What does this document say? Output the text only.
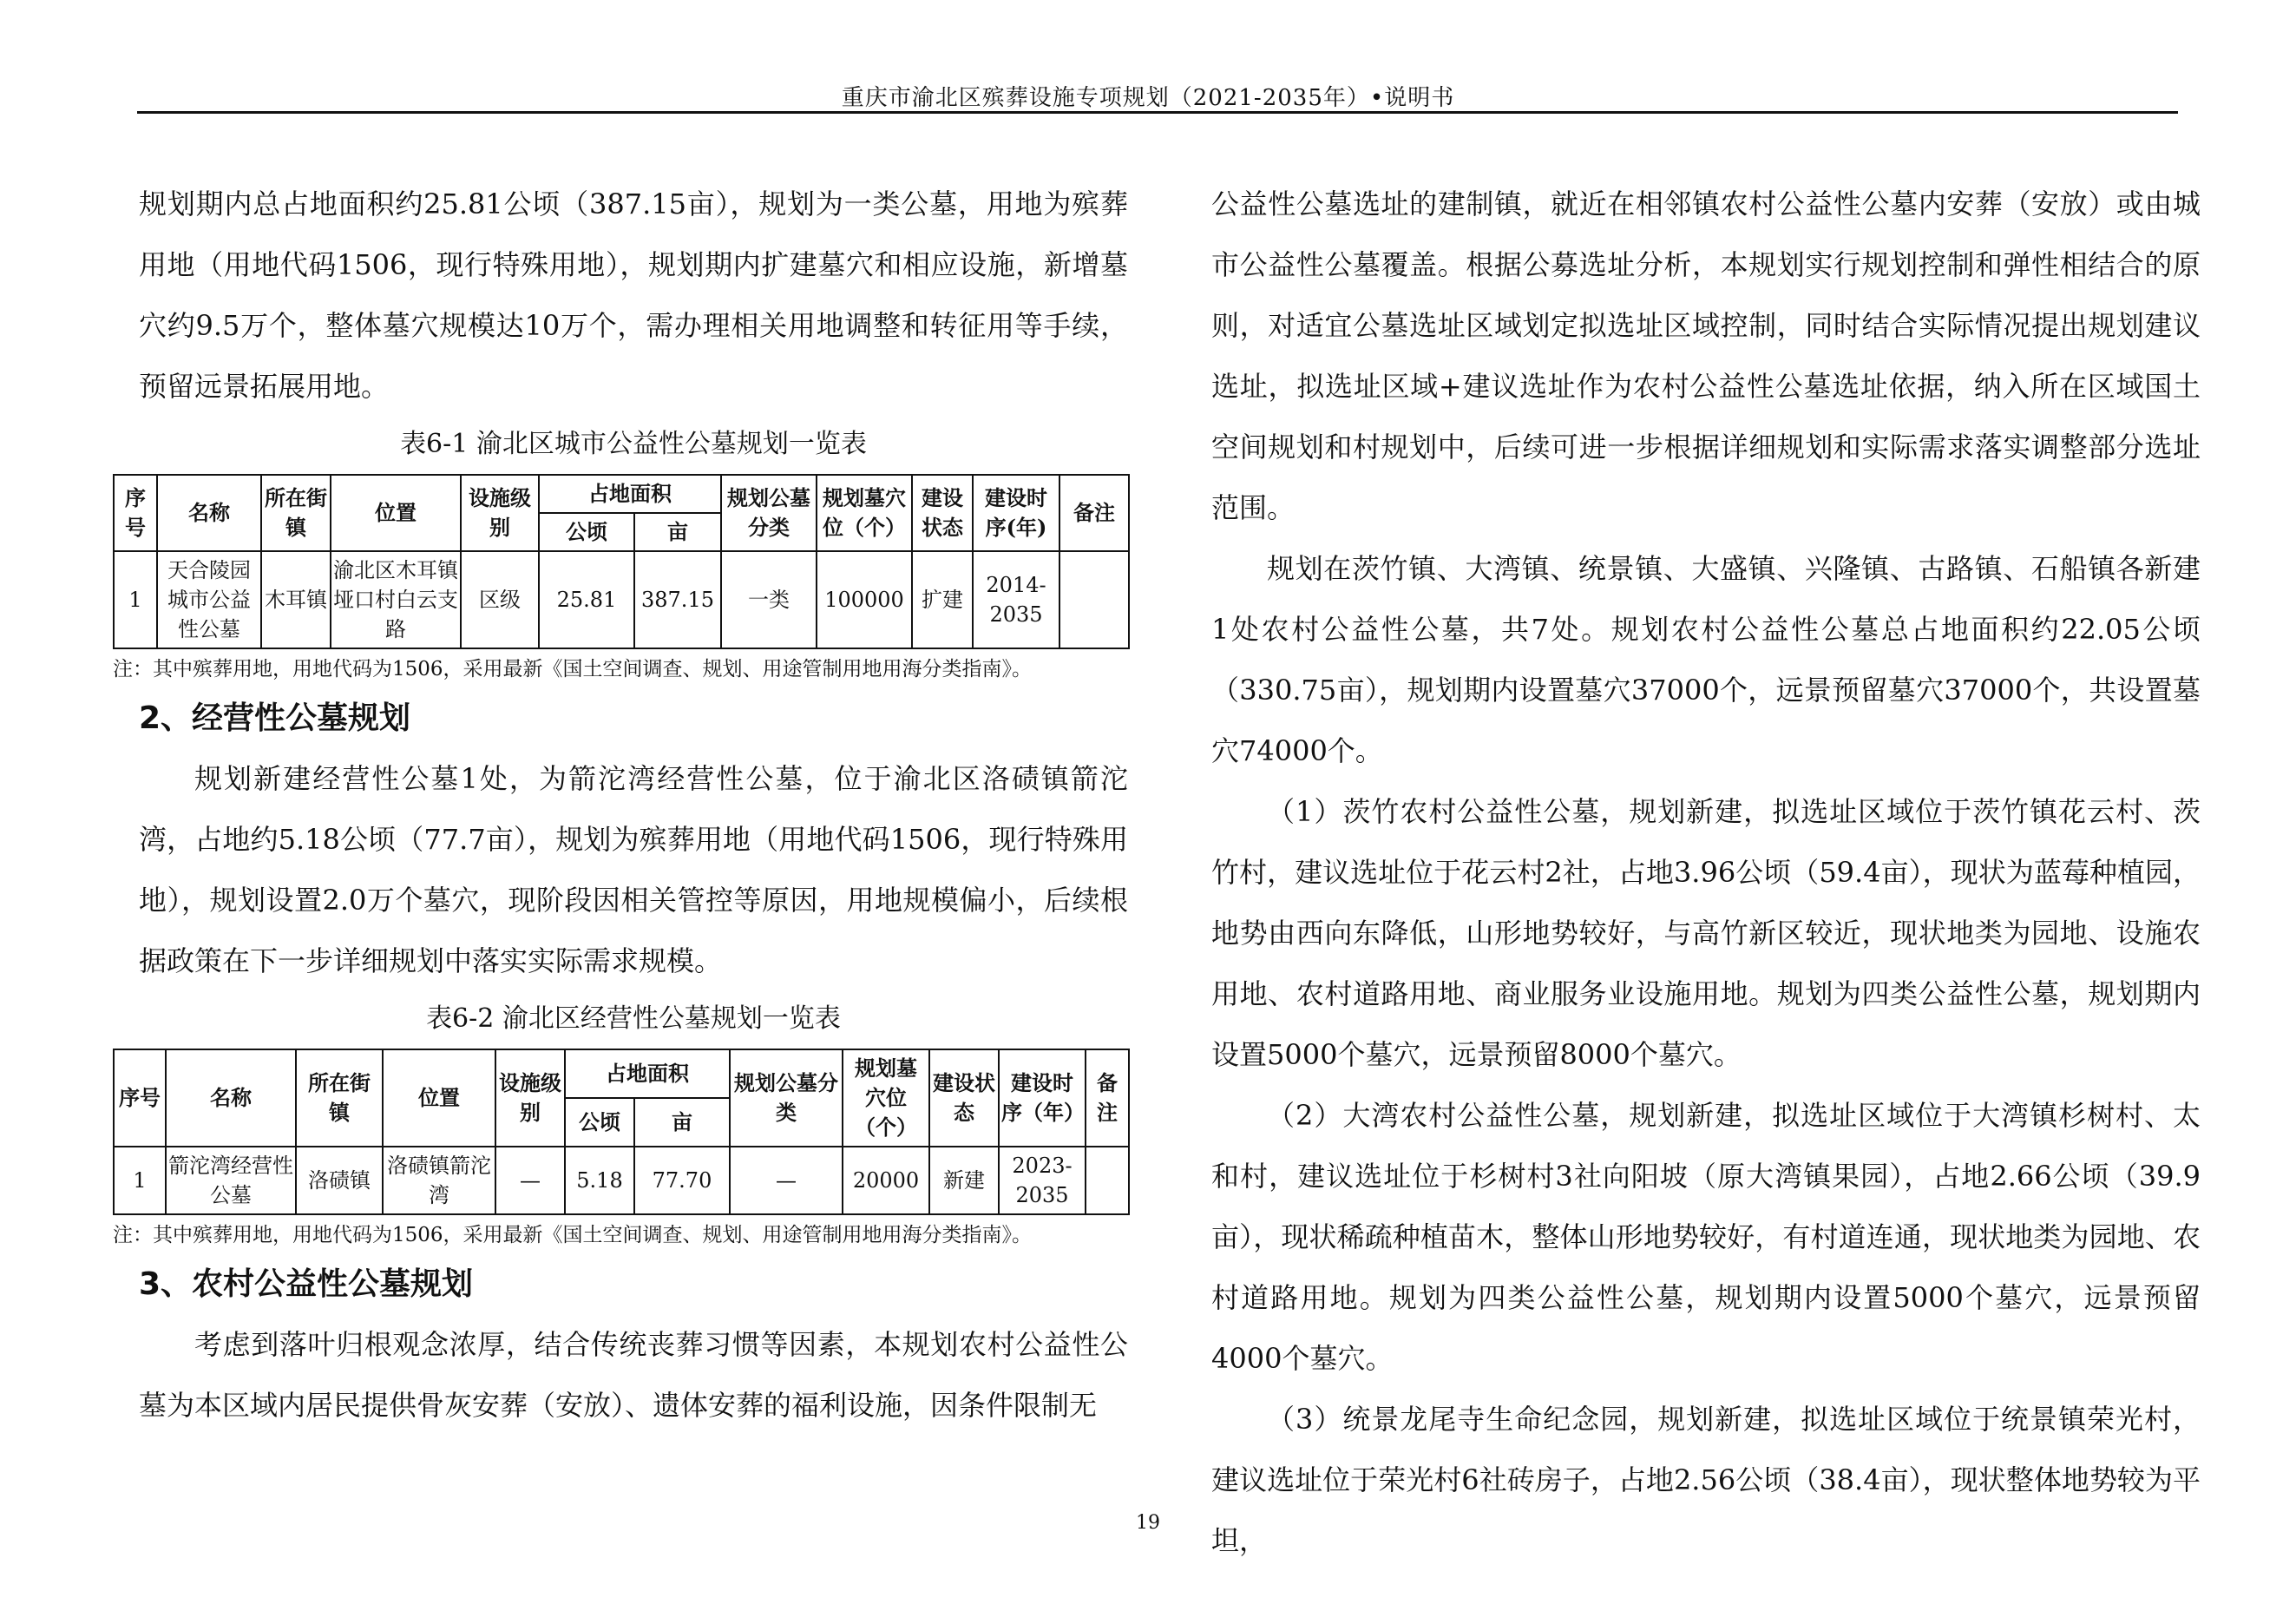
重庆市渝北区殡葬设施专项规划（2021-2035年）•说明书

规划期内总占地面积约25.81公顷（387.15亩），规划为一类公墓，用地为殡葬用地（用地代码1506，现行特殊用地），规划期内扩建墓穴和相应设施，新增墓穴约9.5万个，整体墓穴规模达10万个，需办理相关用地调整和转征用等手续，预留远景拓展用地。

表6-1 渝北区城市公益性公墓规划一览表
序号	名称	所在街镇	位置	设施级别	占地面积		规划公墓分类	规划墓穴位（个）	建设状态	建设时序(年)	备注
					公顷	亩					
1	天合陵园城市公益性公墓	木耳镇	渝北区木耳镇垭口村白云支路	区级	25.81	387.15	一类	100000	扩建	2014-2035	
注：其中殡葬用地，用地代码为1506，采用最新《国土空间调查、规划、用途管制用地用海分类指南》。
2、经营性公墓规划

规划新建经营性公墓1处，为箭沱湾经营性公墓，位于渝北区洛碛镇箭沱湾，占地约5.18公顷（77.7亩），规划为殡葬用地（用地代码1506，现行特殊用地），规划设置2.0万个墓穴，现阶段因相关管控等原因，用地规模偏小，后续根据政策在下一步详细规划中落实实际需求规模。

表6-2 渝北区经营性公墓规划一览表
序号	名称	所在街镇	位置	设施级别	占地面积		规划公墓分类	规划墓穴位（个）	建设状态	建设时序（年）	备注
					公顷	亩					
1	箭沱湾经营性公墓	洛碛镇	洛碛镇箭沱湾	—	5.18	77.70	—	20000	新建	2023-2035	
注：其中殡葬用地，用地代码为1506，采用最新《国土空间调查、规划、用途管制用地用海分类指南》。
3、农村公益性公墓规划

考虑到落叶归根观念浓厚，结合传统丧葬习惯等因素，本规划农村公益性公墓为本区域内居民提供骨灰安葬（安放）、遗体安葬的福利设施，因条件限制无

公益性公墓选址的建制镇，就近在相邻镇农村公益性公墓内安葬（安放）或由城市公益性公墓覆盖。根据公募选址分析，本规划实行规划控制和弹性相结合的原则，对适宜公墓选址区域划定拟选址区域控制，同时结合实际情况提出规划建议选址，拟选址区域+建议选址作为农村公益性公墓选址依据，纳入所在区域国土空间规划和村规划中，后续可进一步根据详细规划和实际需求落实调整部分选址范围。

规划在茨竹镇、大湾镇、统景镇、大盛镇、兴隆镇、古路镇、石船镇各新建1处农村公益性公墓，共7处。规划农村公益性公墓总占地面积约22.05公顷（330.75亩），规划期内设置墓穴37000个，远景预留墓穴37000个，共设置墓穴74000个。

（1）茨竹农村公益性公墓，规划新建，拟选址区域位于茨竹镇花云村、茨竹村，建议选址位于花云村2社，占地3.96公顷（59.4亩），现状为蓝莓种植园，地势由西向东降低，山形地势较好，与高竹新区较近，现状地类为园地、设施农用地、农村道路用地、商业服务业设施用地。规划为四类公益性公墓，规划期内设置5000个墓穴，远景预留8000个墓穴。

（2）大湾农村公益性公墓，规划新建，拟选址区域位于大湾镇杉树村、太和村，建议选址位于杉树村3社向阳坡（原大湾镇果园），占地2.66公顷（39.9亩），现状稀疏种植苗木，整体山形地势较好，有村道连通，现状地类为园地、农村道路用地。规划为四类公益性公墓，规划期内设置5000个墓穴，远景预留4000个墓穴。

（3）统景龙尾寺生命纪念园，规划新建，拟选址区域位于统景镇荣光村，建议选址位于荣光村6社砖房子，占地2.56公顷（38.4亩），现状整体地势较为平坦，

19
